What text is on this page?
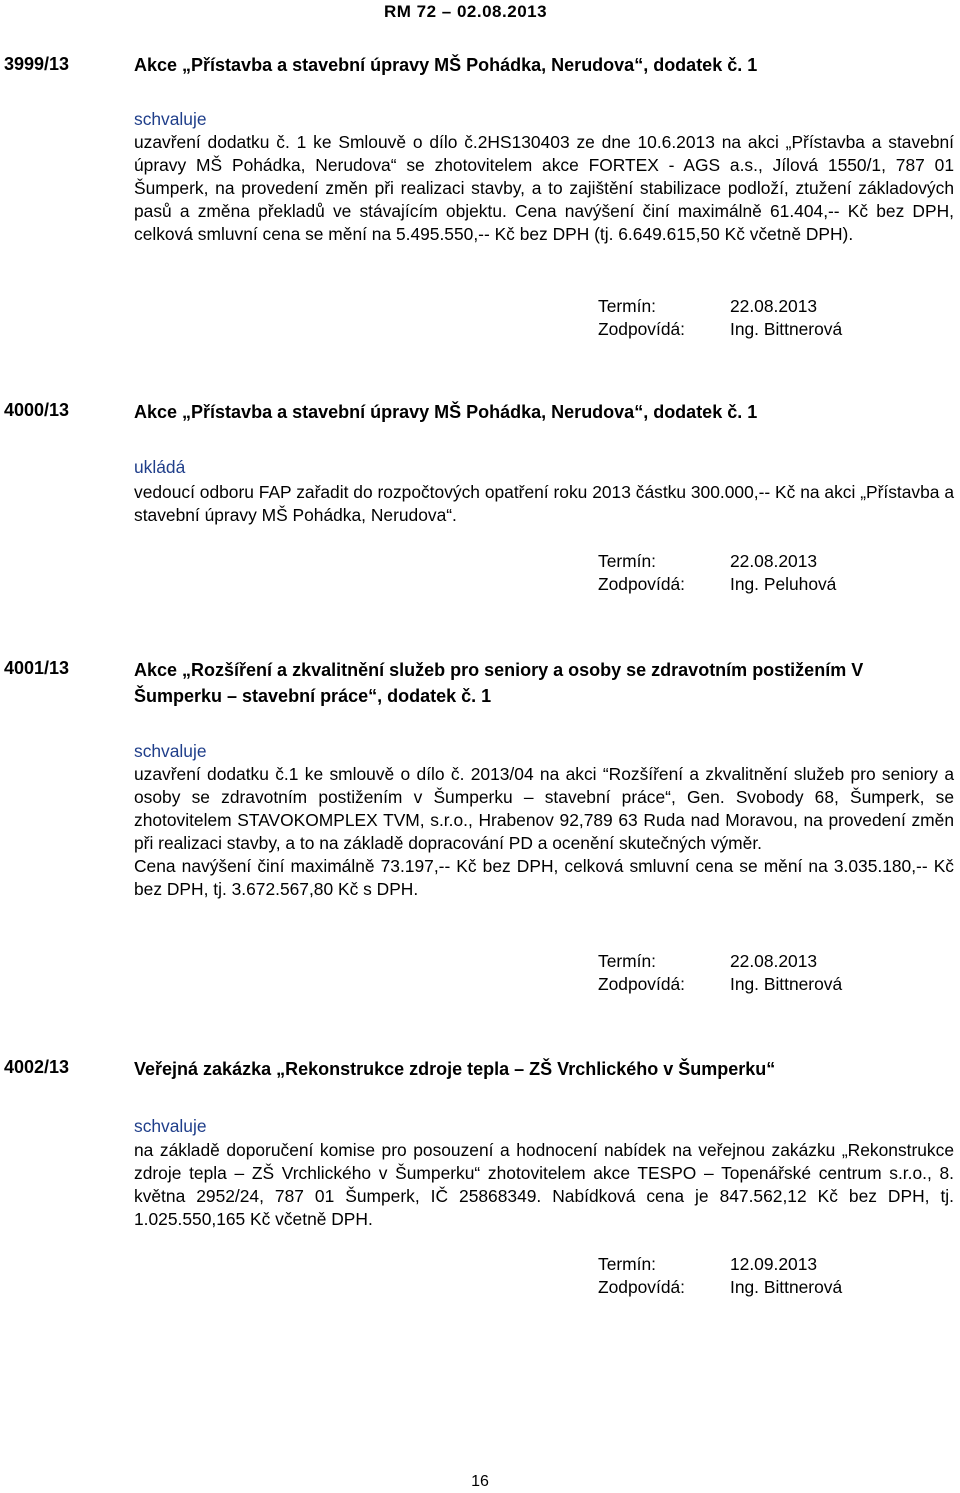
RM 72 – 02.08.2013
3999/13	Akce „Přístavba a stavební úpravy MŠ Pohádka, Nerudova“, dodatek č. 1
schvaluje

uzavření dodatku č. 1 ke Smlouvě o dílo č.2HS130403 ze dne 10.6.2013 na akci „Přístavba a stavební úpravy MŠ Pohádka, Nerudova“ se zhotovitelem akce FORTEX - AGS a.s., Jílová 1550/1, 787 01 Šumperk, na provedení změn při realizaci stavby, a to zajištění stabilizace podloží, ztužení základových pasů a změna překladů ve stávajícím objektu. Cena navýšení činí maximálně 61.404,-- Kč bez DPH, celková smluvní cena se mění na 5.495.550,-- Kč bez DPH (tj. 6.649.615,50 Kč včetně DPH).

Termín:	22.08.2013
Zodpovídá:	Ing. Bittnerová
4000/13	Akce „Přístavba a stavební úpravy MŠ Pohádka, Nerudova“, dodatek č. 1
ukládá

vedoucí odboru FAP zařadit do rozpočtových opatření roku 2013 částku 300.000,-- Kč na akci „Přístavba a stavební úpravy MŠ Pohádka, Nerudova“.

Termín:	22.08.2013
Zodpovídá:	Ing. Peluhová
4001/13	Akce „Rozšíření a zkvalitnění služeb pro seniory a osoby se zdravotním postižením V Šumperku – stavební práce“, dodatek č. 1
schvaluje

uzavření dodatku č.1 ke smlouvě o dílo č. 2013/04 na akci “Rozšíření a zkvalitnění služeb pro seniory a osoby se zdravotním postižením v Šumperku – stavební práce“, Gen. Svobody 68, Šumperk, se zhotovitelem STAVOKOMPLEX TVM, s.r.o., Hrabenov 92,789 63 Ruda nad Moravou, na provedení změn při realizaci stavby, a to na základě dopracování PD a ocenění skutečných výměr.

Cena navýšení činí maximálně 73.197,-- Kč bez DPH, celková smluvní cena se mění na 3.035.180,-- Kč bez DPH, tj. 3.672.567,80 Kč s DPH.

Termín:	22.08.2013
Zodpovídá:	Ing. Bittnerová
4002/13	Veřejná zakázka „Rekonstrukce zdroje tepla – ZŠ Vrchlického v Šumperku“
schvaluje

na základě doporučení komise pro posouzení a hodnocení nabídek na veřejnou zakázku „Rekonstrukce zdroje tepla – ZŠ Vrchlického v Šumperku“ zhotovitelem akce TESPO – Topenářské centrum s.r.o., 8. května 2952/24, 787 01 Šumperk, IČ 25868349. Nabídková cena je 847.562,12 Kč bez DPH, tj. 1.025.550,165 Kč včetně DPH.

Termín:	12.09.2013
Zodpovídá:	Ing. Bittnerová
16
